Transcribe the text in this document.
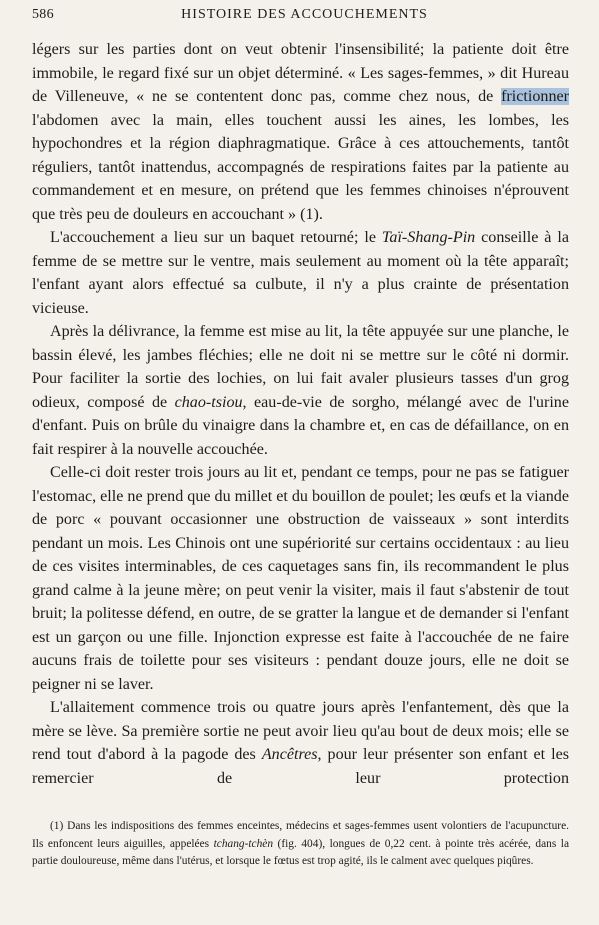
586	HISTOIRE DES ACCOUCHEMENTS

légers sur les parties dont on veut obtenir l'insensibilité; la patiente doit être immobile, le regard fixé sur un objet déterminé. « Les sages-femmes, » dit Hureau de Villeneuve, « ne se contentent donc pas, comme chez nous, de frictionner l'abdomen avec la main, elles touchent aussi les aines, les lombes, les hypochondres et la région diaphragmatique. Grâce à ces attouchements, tantôt réguliers, tantôt inattendus, accompagnés de respirations faites par la patiente au commandement et en mesure, on prétend que les femmes chinoises n'éprouvent que très peu de douleurs en accouchant » (1).

L'accouchement a lieu sur un baquet retourné; le Taï-Shang-Pin conseille à la femme de se mettre sur le ventre, mais seulement au moment où la tête apparaît; l'enfant ayant alors effectué sa culbute, il n'y a plus crainte de présentation vicieuse.

Après la délivrance, la femme est mise au lit, la tête appuyée sur une planche, le bassin élevé, les jambes fléchies; elle ne doit ni se mettre sur le côté ni dormir. Pour faciliter la sortie des lochies, on lui fait avaler plusieurs tasses d'un grog odieux, composé de chao-tsiou, eau-de-vie de sorgho, mélangé avec de l'urine d'enfant. Puis on brûle du vinaigre dans la chambre et, en cas de défaillance, on en fait respirer à la nouvelle accouchée.

Celle-ci doit rester trois jours au lit et, pendant ce temps, pour ne pas se fatiguer l'estomac, elle ne prend que du millet et du bouillon de poulet; les œufs et la viande de porc « pouvant occasionner une obstruction de vaisseaux » sont interdits pendant un mois. Les Chinois ont une supériorité sur certains occidentaux : au lieu de ces visites interminables, de ces caquetages sans fin, ils recommandent le plus grand calme à la jeune mère; on peut venir la visiter, mais il faut s'abstenir de tout bruit; la politesse défend, en outre, de se gratter la langue et de demander si l'enfant est un garçon ou une fille. Injonction expresse est faite à l'accouchée de ne faire aucuns frais de toilette pour ses visiteurs : pendant douze jours, elle ne doit se peigner ni se laver.

L'allaitement commence trois ou quatre jours après l'enfantement, dès que la mère se lève. Sa première sortie ne peut avoir lieu qu'au bout de deux mois; elle se rend tout d'abord à la pagode des Ancêtres, pour leur présenter son enfant et les remercier de leur protection

(1) Dans les indispositions des femmes enceintes, médecins et sages-femmes usent volontiers de l'acupuncture. Ils enfoncent leurs aiguilles, appelées tchang-tchèn (fig. 404), longues de 0,22 cent. à pointe très acérée, dans la partie douloureuse, même dans l'utérus, et lorsque le fœtus est trop agité, ils le calment avec quelques piqûres.
